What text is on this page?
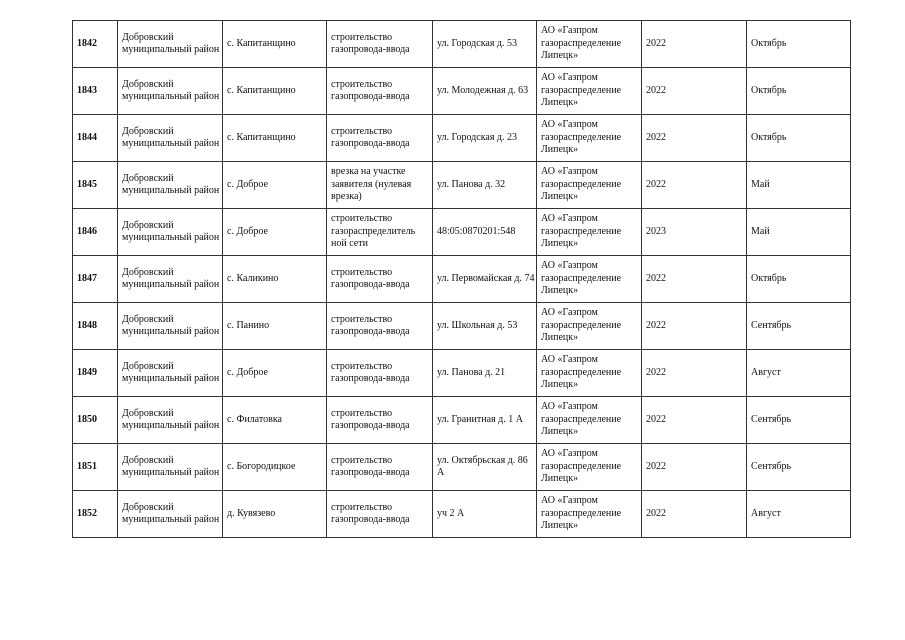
1842	Добровский муниципальный район	с. Капитанщино	строительство газопровода-ввода	ул. Городская д. 53	АО «Газпром газораспределение Липецк»	2022	Октябрь

1843	Добровский муниципальный район	с. Капитанщино	строительство газопровода-ввода	ул. Молодежная д. 63	АО «Газпром газораспределение Липецк»	2022	Октябрь

1844	Добровский муниципальный район	с. Капитанщино	строительство газопровода-ввода	ул. Городская д. 23	АО «Газпром газораспределение Липецк»	2022	Октябрь

1845	Добровский муниципальный район	с. Доброе	врезка на участке заявителя (нулевая врезка)	ул. Панова д. 32	АО «Газпром газораспределение Липецк»	2022	Май

1846	Добровский муниципальный район	с. Доброе	строительство газораспределитель ной сети	48:05:0870201:548	АО «Газпром газораспределение Липецк»	2023	Май

1847	Добровский муниципальный район	с. Каликино	строительство газопровода-ввода	ул. Первомайская д. 74	АО «Газпром газораспределение Липецк»	2022	Октябрь

1848	Добровский муниципальный район	с. Панино	строительство газопровода-ввода	ул. Школьная д. 53	АО «Газпром газораспределение Липецк»	2022	Сентябрь

1849	Добровский муниципальный район	с. Доброе	строительство газопровода-ввода	ул. Панова д. 21	АО «Газпром газораспределение Липецк»	2022	Август

1850	Добровский муниципальный район	с. Филатовка	строительство газопровода-ввода	ул. Гранитная д. 1 А	АО «Газпром газораспределение Липецк»	2022	Сентябрь

1851	Добровский муниципальный район	с. Богородицкое	строительство газопровода-ввода	ул. Октябрьская д. 86 А	АО «Газпром газораспределение Липецк»	2022	Сентябрь

1852	Добровский муниципальный район	д. Кувязево	строительство газопровода-ввода	уч 2 А	АО «Газпром газораспределение Липецк»	2022	Август
